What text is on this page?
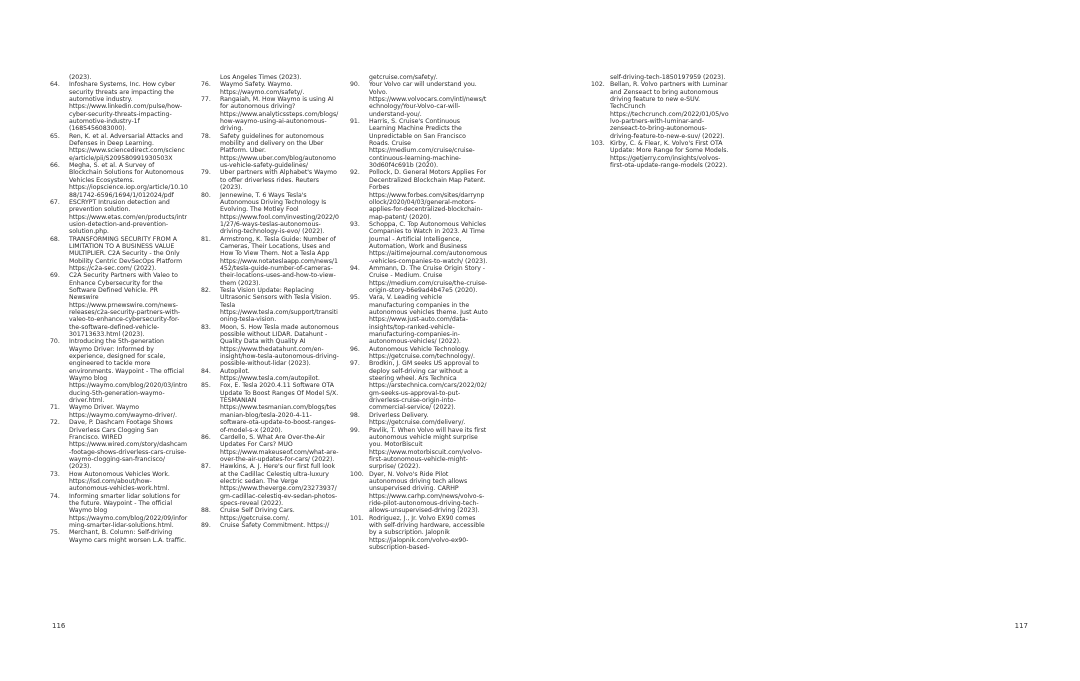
(2023).
64. Infoshare Systems, Inc. How cyber security threats are impacting the automotive industry. https://www.linkedin.com/pulse/how-cyber-security-threats-impacting-automotive-industry-1f (1685456083000).
65. Ren, K. et al. Adversarial Attacks and Defenses in Deep Learning. https://www.sciencedirect.com/science/article/pii/S209580991930503X
66. Megha, S. et al. A Survey of Blockchain Solutions for Autonomous Vehicles Ecosystems. https://iopscience.iop.org/article/10.1088/1742-6596/1694/1/012024/pdf
67. ESCRYPT Intrusion detection and prevention solution. https://www.etas.com/en/products/intrusion-detection-and-prevention-solution.php.
68. TRANSFORMING SECURITY FROM A LIMITATION TO A BUSINESS VALUE MULTIPLIER. C2A Security - the Only Mobility Centric DevSecOps Platform https://c2a-sec.com/ (2022).
69. C2A Security Partners with Valeo to Enhance Cybersecurity for the Software Defined Vehicle. PR Newswire https://www.prnewswire.com/news-releases/c2a-security-partners-with-valeo-to-enhance-cybersecurity-for-the-software-defined-vehicle-301713633.html (2023).
70. Introducing the 5th-generation Waymo Driver: Informed by experience, designed for scale, engineered to tackle more environments. Waypoint - The official Waymo blog https://waymo.com/blog/2020/03/introducing-5th-generation-waymo-driver.html.
71. Waymo Driver. Waymo https://waymo.com/waymo-driver/.
72. Dave, P. Dashcam Footage Shows Driverless Cars Clogging San Francisco. WIRED https://www.wired.com/story/dashcam-footage-shows-driverless-cars-cruise-waymo-clogging-san-francisco/ (2023).
73. How Autonomous Vehicles Work. https://lsd.com/about/how-autonomous-vehicles-work.html.
74. Informing smarter lidar solutions for the future. Waypoint - The official Waymo blog https://waymo.com/blog/2022/09/informing-smarter-lidar-solutions.html.
75. Merchant, B. Column: Self-driving Waymo cars might worsen L.A. traffic.
Los Angeles Times (2023).
76. Waymo Safety. Waymo. https://waymo.com/safety/.
77. Rangaiah, M. How Waymo is using AI for autonomous driving? https://www.analyticssteps.com/blogs/how-waymo-using-ai-autonomous-driving.
78. Safety guidelines for autonomous mobility and delivery on the Uber Platform. Uber. https://www.uber.com/blog/autonomous-vehicle-safety-guidelines/
79. Uber partners with Alphabet's Waymo to offer driverless rides. Reuters (2023).
80. Jennewine, T. 6 Ways Tesla's Autonomous Driving Technology Is Evolving. The Motley Fool https://www.fool.com/investing/2022/01/27/6-ways-teslas-autonomous-driving-technology-is-evo/ (2022).
81. Armstrong, K. Tesla Guide: Number of Cameras, Their Locations, Uses and How To View Them. Not a Tesla App https://www.notateslaapp.com/news/1452/tesla-guide-number-of-cameras-their-locations-uses-and-how-to-view-them (2023).
82. Tesla Vision Update: Replacing Ultrasonic Sensors with Tesla Vision. Tesla https://www.tesla.com/support/transitioning-tesla-vision.
83. Moon, S. How Tesla made autonomous possible without LIDAR. Datahunt - Quality Data with Quality AI https://www.thedatahunt.com/en-insight/how-tesla-autonomous-driving-possible-without-lidar (2023).
84. Autopilot. https://www.tesla.com/autopilot.
85. Fox, E. Tesla 2020.4.11 Software OTA Update To Boost Ranges Of Model S/X. TESMANIAN https://www.tesmanian.com/blogs/tesmanian-blog/tesla-2020-4-11-software-ota-update-to-boost-ranges-of-model-s-x (2020).
86. Cardello, S. What Are Over-the-Air Updates For Cars? MUO https://www.makeuseof.com/what-are-over-the-air-updates-for-cars/ (2022).
87. Hawkins, A. J. Here's our first full look at the Cadillac Celestiq ultra-luxury electric sedan. The Verge https://www.theverge.com/23273937/gm-cadillac-celestiq-ev-sedan-photos-specs-reveal (2022).
88. Cruise Self Driving Cars. https://getcruise.com/.
89. Cruise Safety Commitment. https://
116
getcruise.com/safety/.
90. Your Volvo car will understand you. Volvo. https://www.volvocars.com/intl/news/technology/Your-Volvo-car-will-understand-you/.
91. Harris, S. Cruise's Continuous Learning Machine Predicts the Unpredictable on San Francisco Roads. Cruise https://medium.com/cruise/cruise-continuous-learning-machine-30d60f4c691b (2020).
92. Pollock, D. General Motors Applies For Decentralized Blockchain Map Patent. Forbes https://www.forbes.com/sites/darrynpollock/2020/04/03/general-motors-applies-for-decentralized-blockchain-map-patent/ (2020).
93. Schoppa, C. Top Autonomous Vehicles Companies to Watch in 2023. AI Time Journal - Artificial Intelligence, Automation, Work and Business https://aitimejournal.com/autonomous-vehicles-companies-to-watch/ (2023).
94. Ammann, D. The Cruise Origin Story - Cruise - Medium. Cruise https://medium.com/cruise/the-cruise-origin-story-b6e9ad4b47e5 (2020).
95. Vara, V. Leading vehicle manufacturing companies in the autonomous vehicles theme. Just Auto https://www.just-auto.com/data-insights/top-ranked-vehicle-manufacturing-companies-in-autonomous-vehicles/ (2022).
96. Autonomous Vehicle Technology. https://getcruise.com/technology/.
97. Brodkin, J. GM seeks US approval to deploy self-driving car without a steering wheel. Ars Technica https://arstechnica.com/cars/2022/02/gm-seeks-us-approval-to-put-driverless-cruise-origin-into-commercial-service/ (2022).
98. Driverless Delivery. https://getcruise.com/delivery/.
99. Pavlik, T. When Volvo will have its first autonomous vehicle might surprise you. MotorBiscuit https://www.motorbiscuit.com/volvo-first-autonomous-vehicle-might-surprise/ (2022).
100. Dyer, N. Volvo's Ride Pilot autonomous driving tech allows unsupervised driving. CARHP https://www.carhp.com/news/volvo-s-ride-pilot-autonomous-driving-tech-allows-unsupervised-driving (2023).
101. Rodriguez, J., Jr. Volvo EX90 comes with self-driving hardware, accessible by a subscription. Jalopnik https://jalopnik.com/volvo-ex90-subscription-based-
self-driving-tech-1850197959 (2023).
102. Bellan, R. Volvo partners with Luminar and Zenseact to bring autonomous driving feature to new e-SUV. TechCrunch https://techcrunch.com/2022/01/05/volvo-partners-with-luminar-and-zenseact-to-bring-autonomous-driving-feature-to-new-e-suv/ (2022).
103. Kirby, C. & Flear, K. Volvo's First OTA Update: More Range for Some Models. https://getjerry.com/insights/volvos-first-ota-update-range-models (2022).
117
